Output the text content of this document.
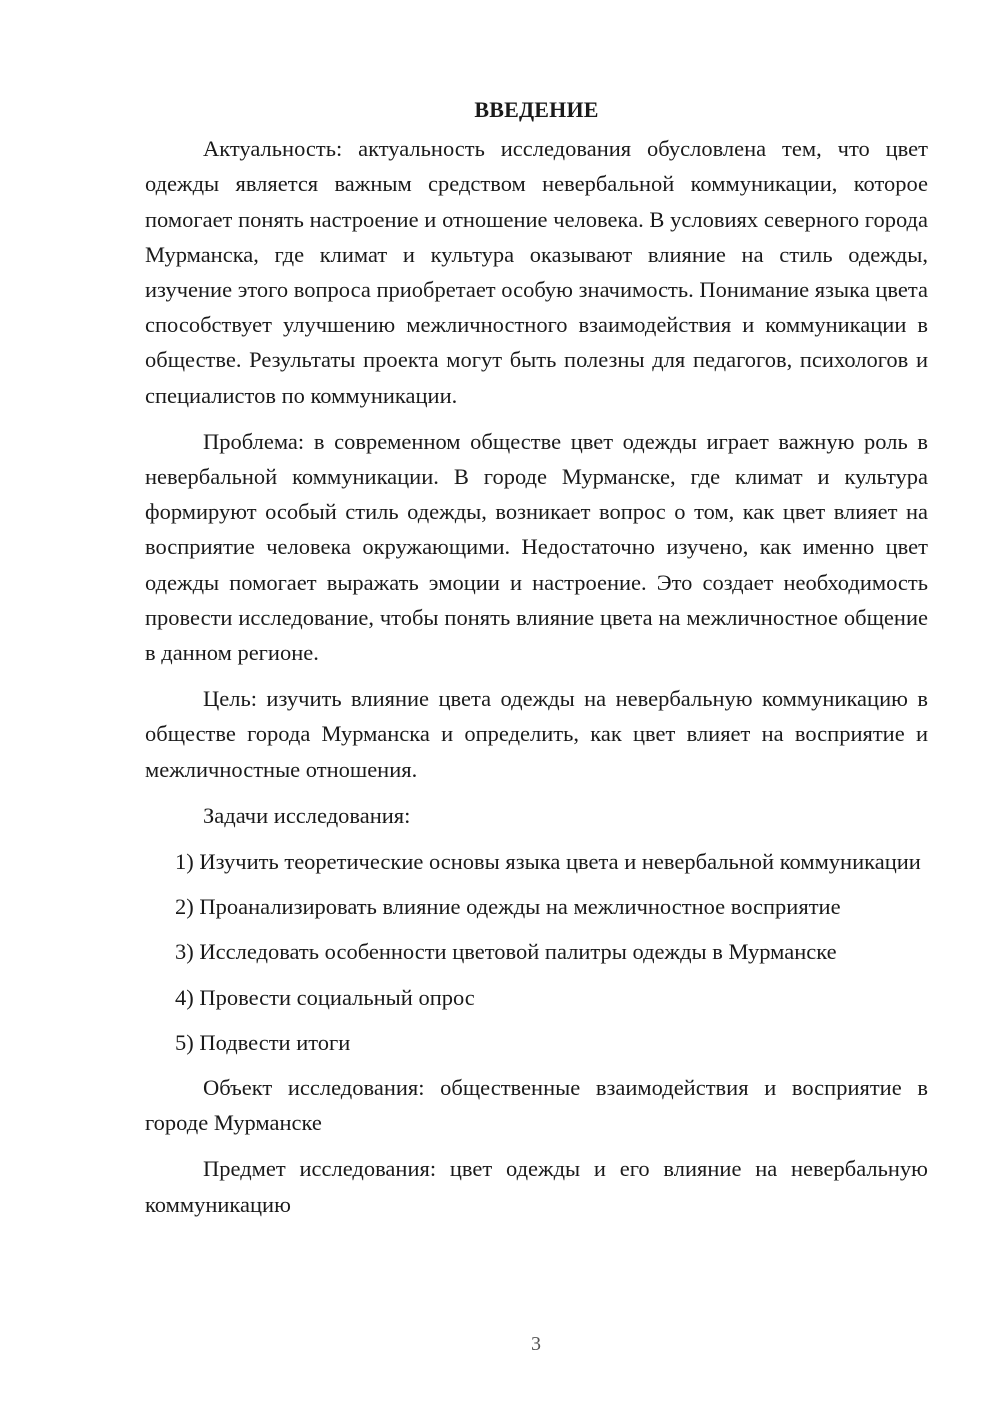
ВВЕДЕНИЕ

Актуальность: актуальность исследования обусловлена тем, что цвет одежды является важным средством невербальной коммуникации, которое помогает понять настроение и отношение человека. В условиях северного города Мурманска, где климат и культура оказывают влияние на стиль одежды, изучение этого вопроса приобретает особую значимость. Понимание языка цвета способствует улучшению межличностного взаимодействия и коммуникации в обществе. Результаты проекта могут быть полезны для педагогов, психологов и специалистов по коммуникации.

Проблема: в современном обществе цвет одежды играет важную роль в невербальной коммуникации. В городе Мурманске, где климат и культура формируют особый стиль одежды, возникает вопрос о том, как цвет влияет на восприятие человека окружающими. Недостаточно изучено, как именно цвет одежды помогает выражать эмоции и настроение. Это создает необходимость провести исследование, чтобы понять влияние цвета на межличностное общение в данном регионе.

Цель: изучить влияние цвета одежды на невербальную коммуникацию в обществе города Мурманска и определить, как цвет влияет на восприятие и межличностные отношения.

Задачи исследования:

1) Изучить теоретические основы языка цвета и невербальной коммуникации
2) Проанализировать влияние одежды на межличностное восприятие
3) Исследовать особенности цветовой палитры одежды в Мурманске
4) Провести социальный опрос
5) Подвести итоги

Объект исследования: общественные взаимодействия и восприятие в городе Мурманске

Предмет исследования: цвет одежды и его влияние на невербальную коммуникацию

3
